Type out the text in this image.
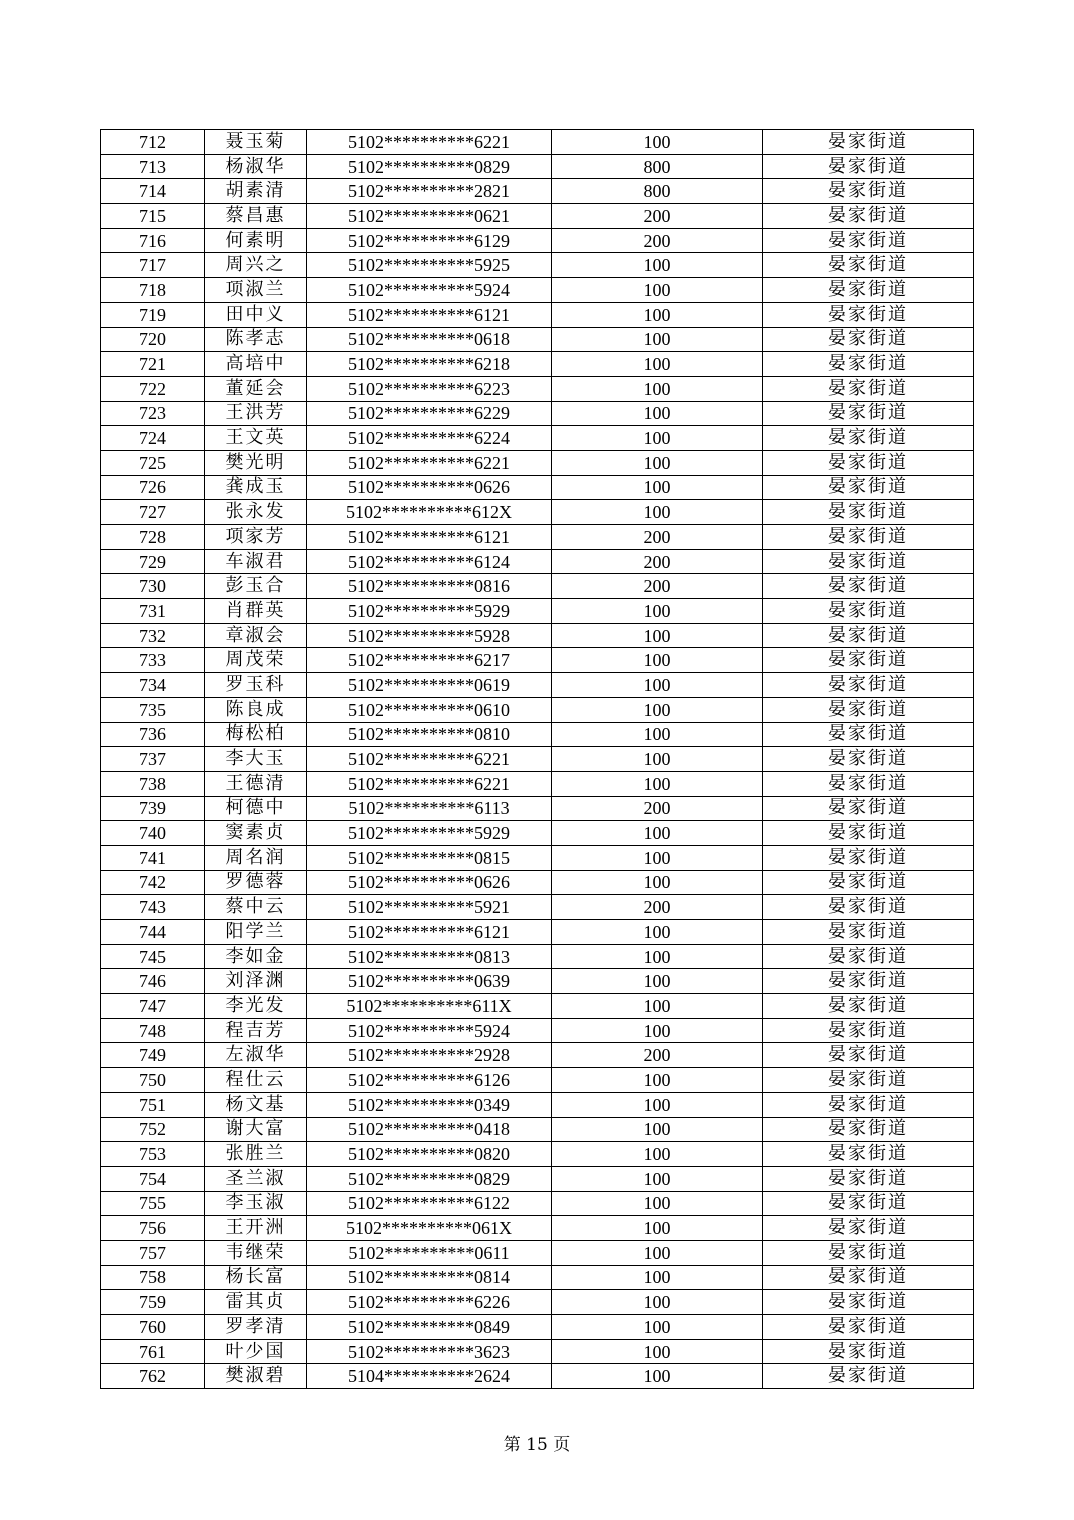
712	聂玉菊	5102**********6221	100	晏家街道
713	杨淑华	5102**********0829	800	晏家街道
714	胡素清	5102**********2821	800	晏家街道
715	蔡昌惠	5102**********0621	200	晏家街道
716	何素明	5102**********6129	200	晏家街道
717	周兴之	5102**********5925	100	晏家街道
718	项淑兰	5102**********5924	100	晏家街道
719	田中义	5102**********6121	100	晏家街道
720	陈孝志	5102**********0618	100	晏家街道
721	高培中	5102**********6218	100	晏家街道
722	董延会	5102**********6223	100	晏家街道
723	王洪芳	5102**********6229	100	晏家街道
724	王文英	5102**********6224	100	晏家街道
725	樊光明	5102**********6221	100	晏家街道
726	龚成玉	5102**********0626	100	晏家街道
727	张永发	5102**********612X	100	晏家街道
728	项家芳	5102**********6121	200	晏家街道
729	车淑君	5102**********6124	200	晏家街道
730	彭玉合	5102**********0816	200	晏家街道
731	肖群英	5102**********5929	100	晏家街道
732	章淑会	5102**********5928	100	晏家街道
733	周茂荣	5102**********6217	100	晏家街道
734	罗玉科	5102**********0619	100	晏家街道
735	陈良成	5102**********0610	100	晏家街道
736	梅松柏	5102**********0810	100	晏家街道
737	李大玉	5102**********6221	100	晏家街道
738	王德清	5102**********6221	100	晏家街道
739	柯德中	5102**********6113	200	晏家街道
740	窦素贞	5102**********5929	100	晏家街道
741	周名润	5102**********0815	100	晏家街道
742	罗德蓉	5102**********0626	100	晏家街道
743	蔡中云	5102**********5921	200	晏家街道
744	阳学兰	5102**********6121	100	晏家街道
745	李如金	5102**********0813	100	晏家街道
746	刘泽渊	5102**********0639	100	晏家街道
747	李光发	5102**********611X	100	晏家街道
748	程吉芳	5102**********5924	100	晏家街道
749	左淑华	5102**********2928	200	晏家街道
750	程仕云	5102**********6126	100	晏家街道
751	杨文基	5102**********0349	100	晏家街道
752	谢大富	5102**********0418	100	晏家街道
753	张胜兰	5102**********0820	100	晏家街道
754	圣兰淑	5102**********0829	100	晏家街道
755	李玉淑	5102**********6122	100	晏家街道
756	王开洲	5102**********061X	100	晏家街道
757	韦继荣	5102**********0611	100	晏家街道
758	杨长富	5102**********0814	100	晏家街道
759	雷其贞	5102**********6226	100	晏家街道
760	罗孝清	5102**********0849	100	晏家街道
761	叶少国	5102**********3623	100	晏家街道
762	樊淑碧	5104**********2624	100	晏家街道
第 15 页
